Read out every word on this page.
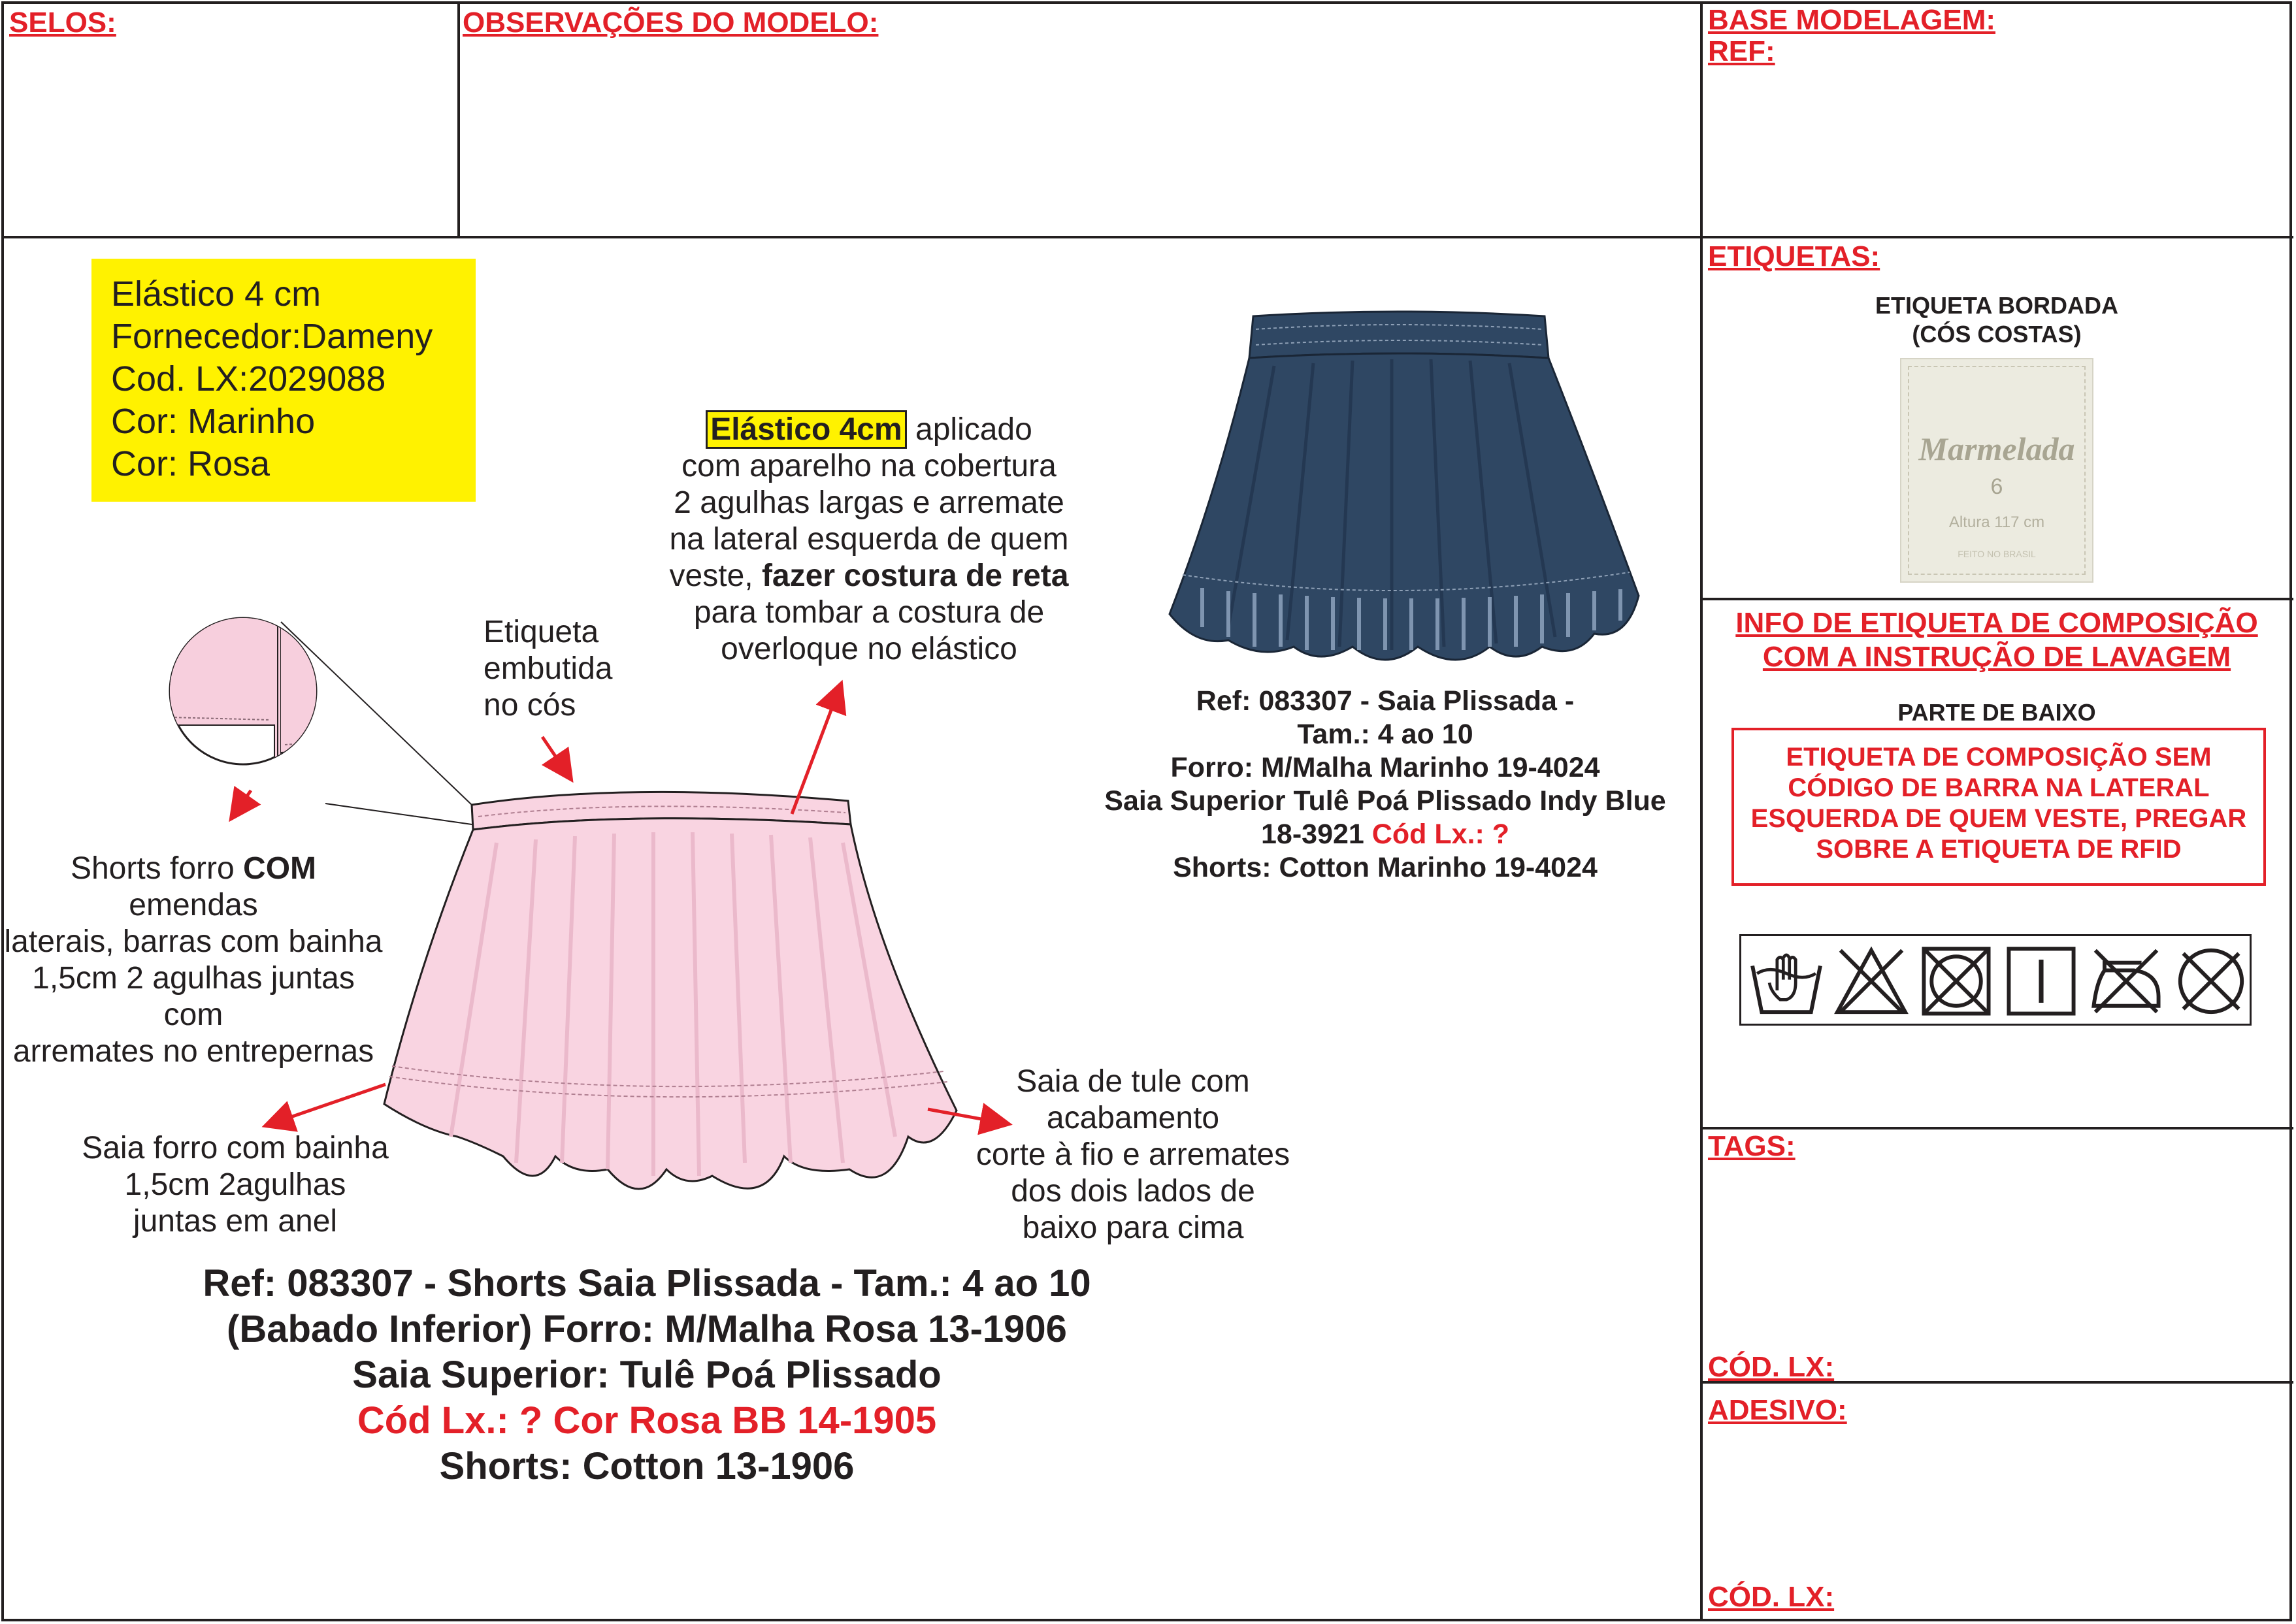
SELOS:	OBSERVAÇÕES DO MODELO:	BASE MODELAGEM:
REF:
ETIQUETAS:
ETIQUETA BORDADA
(CÓS COSTAS)
Marmelada
6
Altura 117 cm
FEITO NO BRASIL
INFO DE ETIQUETA DE COMPOSIÇÃO
COM A INSTRUÇÃO DE LAVAGEM
PARTE DE BAIXO
ETIQUETA DE COMPOSIÇÃO SEM
CÓDIGO DE BARRA NA LATERAL
ESQUERDA DE QUEM VESTE, PREGAR
SOBRE A ETIQUETA DE RFID
TAGS:
CÓD. LX:
ADESIVO:
CÓD. LX:
Elástico 4 cm
Fornecedor:Dameny
Cod. LX:2029088
Cor: Marinho
Cor: Rosa
Elástico 4cm aplicado
com aparelho na cobertura
2 agulhas largas e arremate
na lateral esquerda de quem
veste, fazer costura de reta
para tombar a costura de
overloque no elástico
Etiqueta
embutida
no cós
Shorts forro COM emendas
laterais, barras com bainha
1,5cm 2 agulhas juntas com
arremates no entrepernas
Saia forro com bainha
1,5cm 2agulhas
juntas em anel
Saia de tule com
acabamento
corte à fio e arremates
dos dois lados de
baixo para cima
Ref: 083307 - Saia Plissada -
Tam.: 4 ao 10
Forro: M/Malha Marinho 19-4024
Saia Superior Tulê Poá Plissado Indy Blue
18-3921 Cód Lx.: ?
Shorts: Cotton Marinho 19-4024
Ref: 083307 - Shorts Saia Plissada - Tam.: 4 ao 10
(Babado Inferior) Forro: M/Malha Rosa 13-1906
Saia Superior: Tulê Poá Plissado
Cód Lx.: ? Cor Rosa BB 14-1905
Shorts: Cotton 13-1906
